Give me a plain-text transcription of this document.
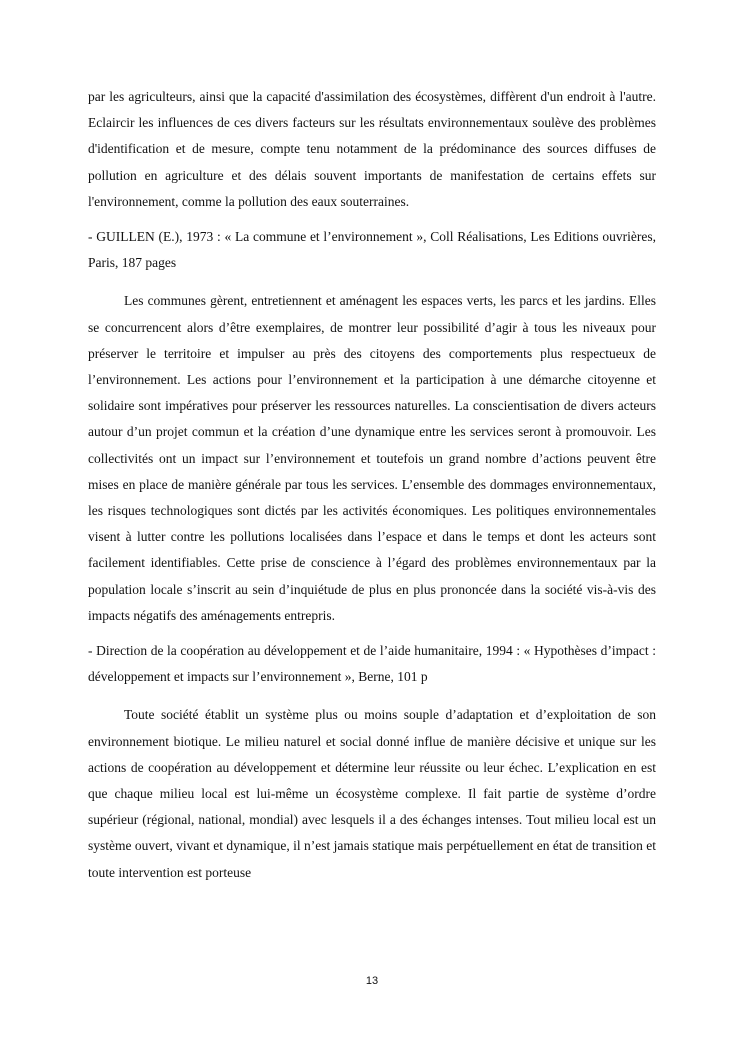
par les agriculteurs, ainsi que la capacité d'assimilation des écosystèmes, diffèrent d'un endroit à l'autre. Eclaircir les influences de ces divers facteurs sur les résultats environnementaux soulève des problèmes d'identification et de mesure, compte tenu notamment de la prédominance des sources diffuses de pollution en agriculture et des délais souvent importants de manifestation de certains effets sur l'environnement, comme la pollution des eaux souterraines.

- GUILLEN (E.), 1973 : « La commune et l’environnement », Coll Réalisations, Les Editions ouvrières, Paris, 187 pages

Les communes gèrent, entretiennent et aménagent les espaces verts, les parcs et les jardins. Elles se concurrencent alors d’être exemplaires, de montrer leur possibilité d’agir à tous les niveaux pour préserver le territoire et impulser au près des citoyens des comportements plus respectueux de l’environnement. Les actions pour l’environnement et la participation à une démarche citoyenne et solidaire sont impératives pour préserver les ressources naturelles. La conscientisation de divers acteurs autour d’un projet commun et la création d’une dynamique entre les services seront à promouvoir. Les collectivités ont un impact sur l’environnement et toutefois un grand nombre d’actions peuvent être mises en place de manière générale par tous les services. L’ensemble des dommages environnementaux, les risques technologiques sont dictés par les activités économiques. Les politiques environnementales visent à lutter contre les pollutions localisées dans l’espace et dans le temps et dont les acteurs sont facilement identifiables. Cette prise de conscience à l’égard des problèmes environnementaux par la population locale s’inscrit au sein d’inquiétude de plus en plus prononcée dans la société vis-à-vis des impacts négatifs des aménagements entrepris.

- Direction de la coopération au développement et de l’aide humanitaire, 1994 : « Hypothèses d’impact : développement et impacts sur l’environnement », Berne, 101 p

Toute société établit un système plus ou moins souple d’adaptation et d’exploitation de son environnement biotique. Le milieu naturel et social donné influe de manière décisive et unique sur les actions de coopération au développement et détermine leur réussite ou leur échec. L’explication en est que chaque milieu local est lui-même un écosystème complexe. Il fait partie de système d’ordre supérieur (régional, national, mondial) avec lesquels il a des échanges intenses. Tout milieu local est un système ouvert, vivant et dynamique, il n’est jamais statique mais perpétuellement en état de transition et toute intervention est porteuse

13
